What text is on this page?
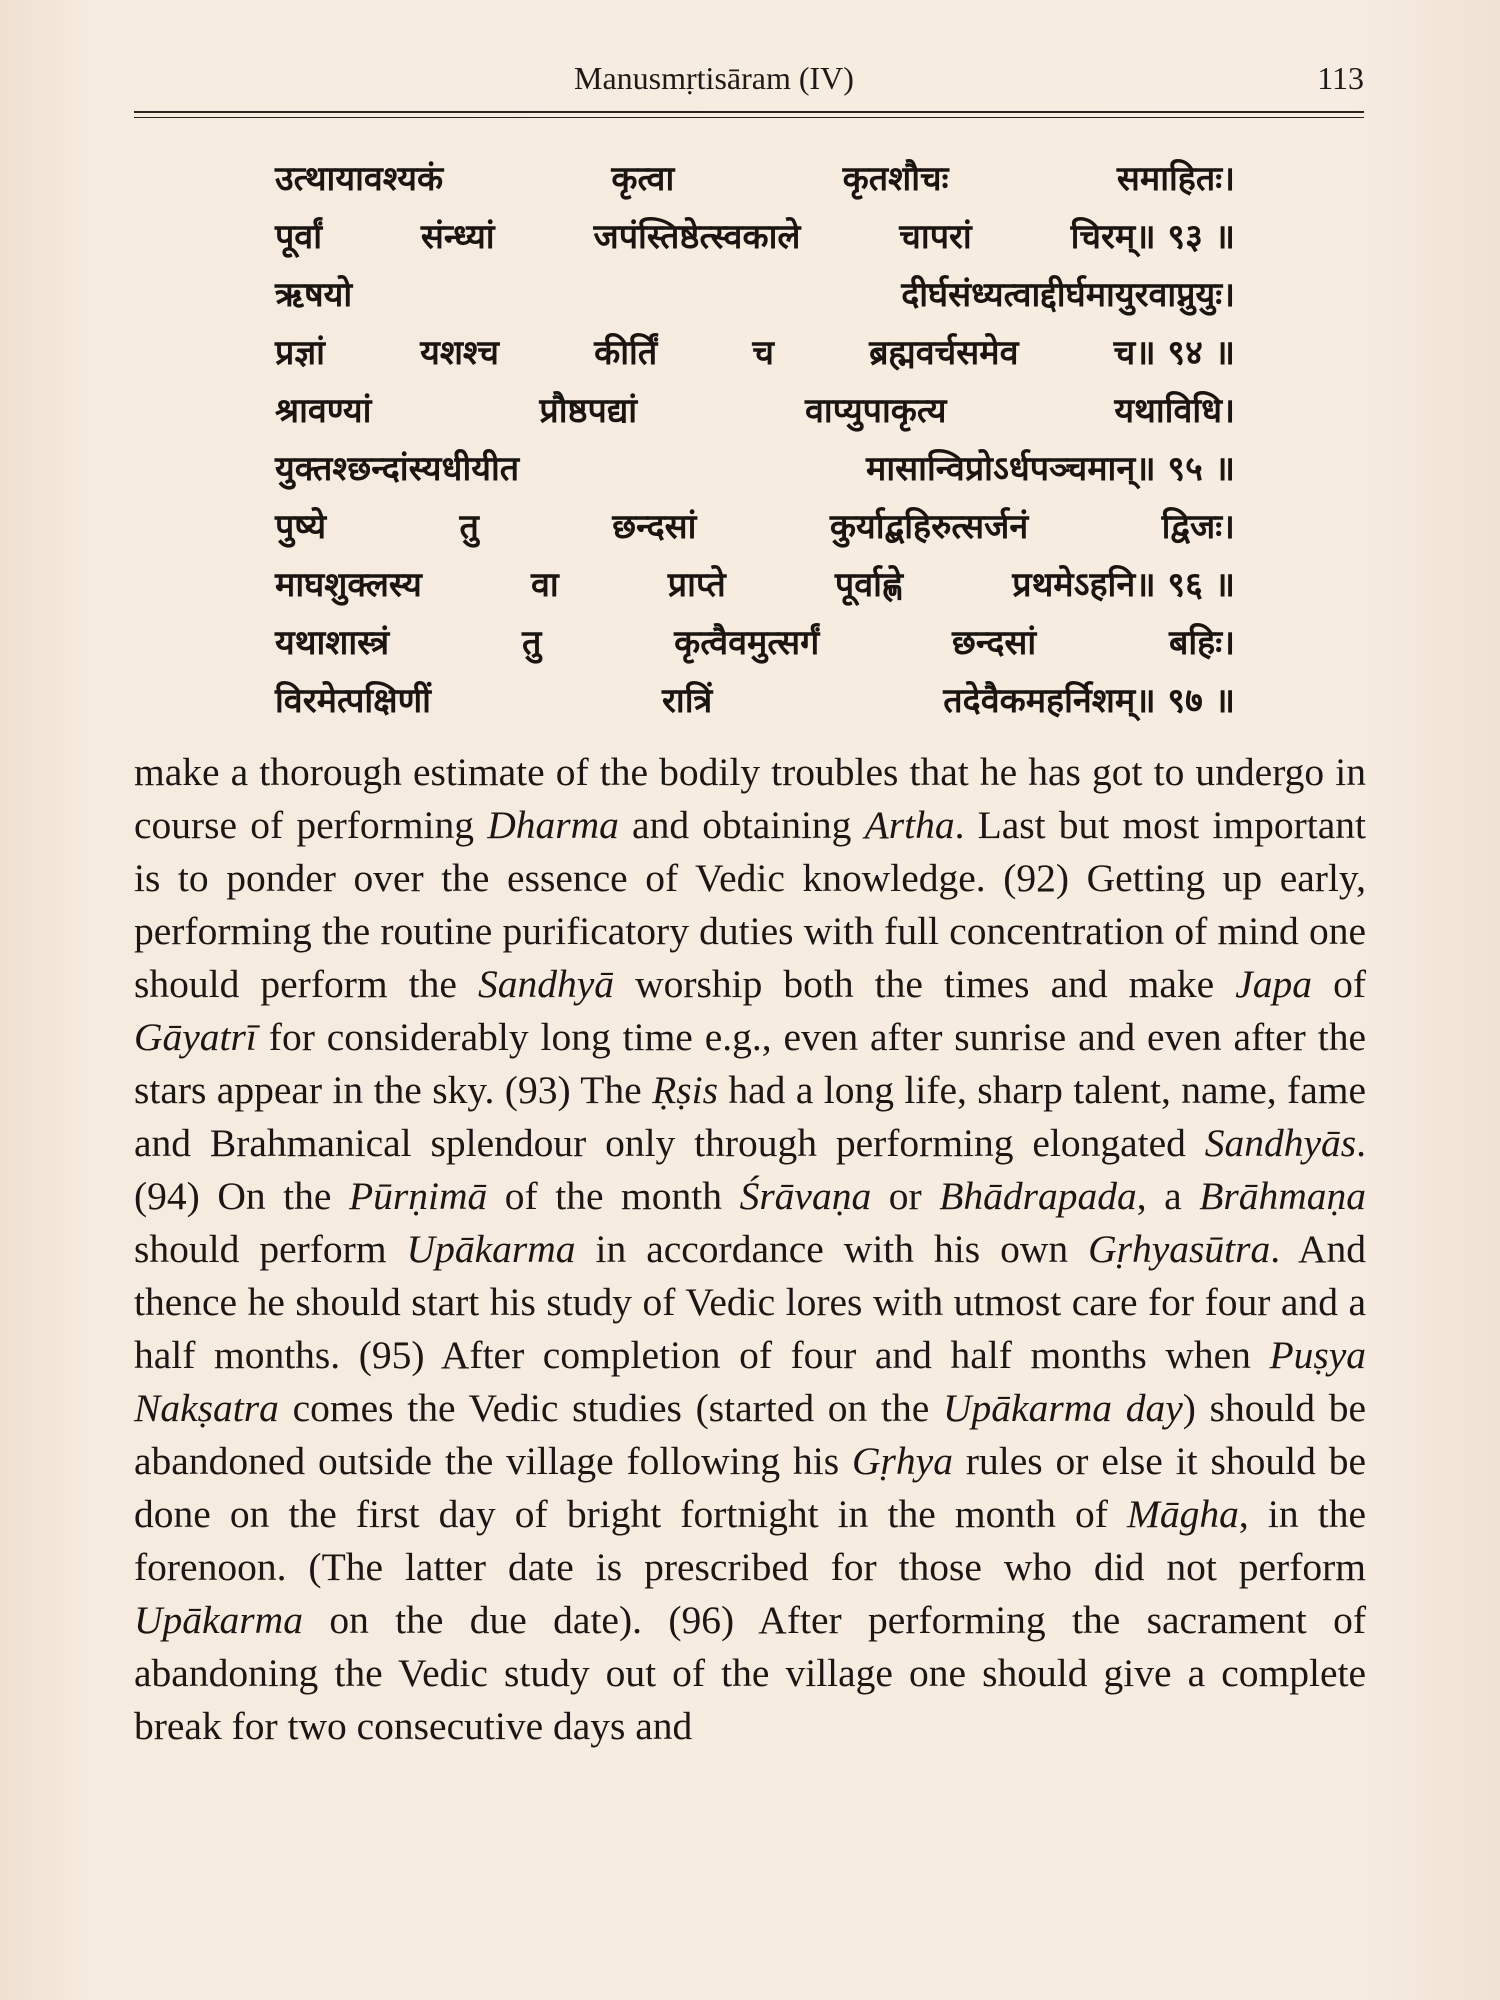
Manusmṛtisāram (IV)	113
उत्थायावश्यकं	कृत्वा	कृतशौचः	समाहितः।
पूर्वां	संन्ध्यां	जपंस्तिष्ठेत्स्वकाले	चापरां	चिरम्॥ ९३ ॥
ऋषयो	दीर्घसंध्यत्वाद्दीर्घमायुरवाप्नुयुः।
प्रज्ञां	यशश्च	कीर्तिं	च	ब्रह्मवर्चसमेव	च॥ ९४ ॥
श्रावण्यां	प्रौष्ठपद्यां	वाप्युपाकृत्य	यथाविधि।
युक्तश्छन्दांस्यधीयीत	मासान्विप्रोऽर्धपञ्चमान्॥ ९५ ॥
पुष्ये	तु	छन्दसां	कुर्याद्बहिरुत्सर्जनं	द्विजः।
माघशुक्लस्य	वा	प्राप्ते	पूर्वाह्णे	प्रथमेऽहनि॥ ९६ ॥
यथाशास्त्रं	तु	कृत्वैवमुत्सर्गं	छन्दसां	बहिः।
विरमेत्पक्षिणीं	रात्रिं	तदेवैकमहर्निशम्॥ ९७ ॥
make a thorough estimate of the bodily troubles that he has got to undergo in course of performing Dharma and obtaining Artha. Last but most important is to ponder over the essence of Vedic knowledge. (92) Getting up early, performing the routine purificatory duties with full concentration of mind one should perform the Sandhyā worship both the times and make Japa of Gāyatrī for considerably long time e.g., even after sunrise and even after the stars appear in the sky. (93) The Ṛṣis had a long life, sharp talent, name, fame and Brahmanical splendour only through performing elongated Sandhyās. (94) On the Pūrṇimā of the month Śrāvaṇa or Bhādrapada, a Brāhmaṇa should perform Upākarma in accordance with his own Gṛhyasūtra. And thence he should start his study of Vedic lores with utmost care for four and a half months. (95) After completion of four and half months when Puṣya Nakṣatra comes the Vedic studies (started on the Upākarma day) should be abandoned outside the village following his Gṛhya rules or else it should be done on the first day of bright fortnight in the month of Māgha, in the forenoon. (The latter date is prescribed for those who did not perform Upākarma on the due date). (96) After performing the sacrament of abandoning the Vedic study out of the village one should give a complete break for two consecutive days and
